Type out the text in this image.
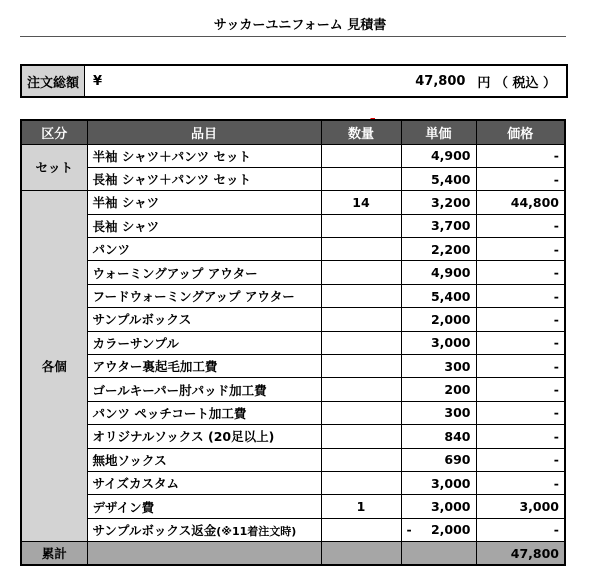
サッカーユニフォーム 見積書
注文総額	¥	47,800 円 （ 税込 ）
区分	品目	数量	単価	価格
セット	半袖 シャツ＋パンツ セット		4,900	-
	長袖 シャツ＋パンツ セット		5,400	-
各個	半袖 シャツ	14	3,200	44,800
	長袖 シャツ		3,700	-
	パンツ		2,200	-
	ウォーミングアップ アウター		4,900	-
	フードウォーミングアップ アウター		5,400	-
	サンプルボックス		2,000	-
	カラーサンプル		3,000	-
	アウター裏起毛加工費		300	-
	ゴールキーパー肘パッド加工費		200	-
	パンツ ペッチコート加工費		300	-
	オリジナルソックス (20足以上)		840	-
	無地ソックス		690	-
	サイズカスタム		3,000	-
	デザイン費	1	3,000	3,000
	サンプルボックス返金(※11着注文時)		- 2,000	-
累計				47,800
